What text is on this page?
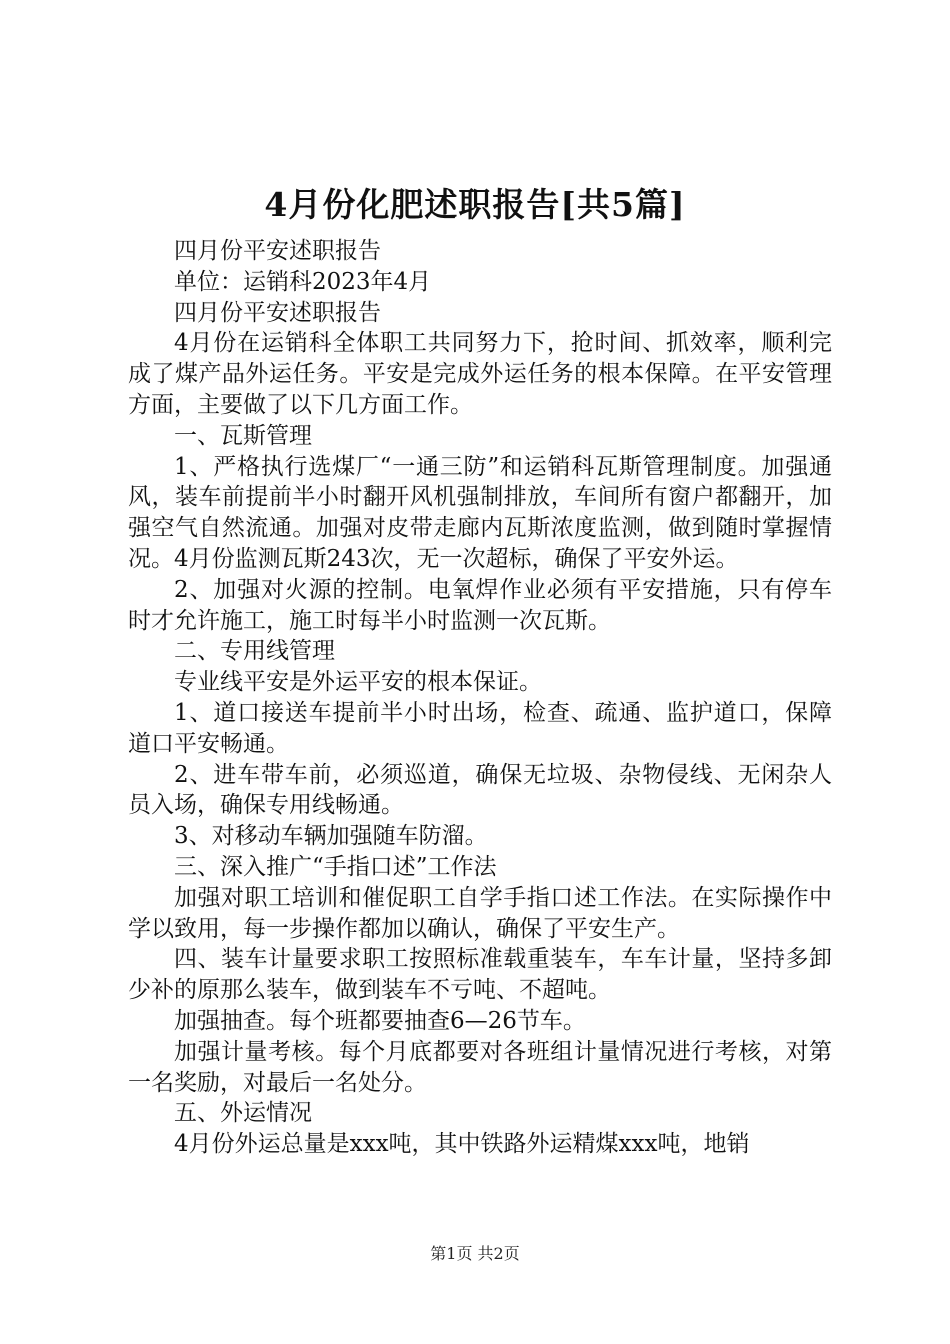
4月份化肥述职报告[共5篇]

四月份平安述职报告

单位：运销科2023年4月

四月份平安述职报告

4月份在运销科全体职工共同努力下，抢时间、抓效率，顺利完成了煤产品外运任务。平安是完成外运任务的根本保障。在平安管理方面，主要做了以下几方面工作。

一、瓦斯管理

1、严格执行选煤厂“一通三防”和运销科瓦斯管理制度。加强通风，装车前提前半小时翻开风机强制排放，车间所有窗户都翻开，加强空气自然流通。加强对皮带走廊内瓦斯浓度监测，做到随时掌握情况。4月份监测瓦斯243次，无一次超标，确保了平安外运。

2、加强对火源的控制。电氧焊作业必须有平安措施，只有停车时才允许施工，施工时每半小时监测一次瓦斯。

二、专用线管理

专业线平安是外运平安的根本保证。

1、道口接送车提前半小时出场，检查、疏通、监护道口，保障道口平安畅通。

2、进车带车前，必须巡道，确保无垃圾、杂物侵线、无闲杂人员入场，确保专用线畅通。

3、对移动车辆加强随车防溜。

三、深入推广“手指口述”工作法

加强对职工培训和催促职工自学手指口述工作法。在实际操作中学以致用，每一步操作都加以确认，确保了平安生产。

四、装车计量要求职工按照标准载重装车，车车计量，坚持多卸少补的原那么装车，做到装车不亏吨、不超吨。

加强抽查。每个班都要抽查6—26节车。

加强计量考核。每个月底都要对各班组计量情况进行考核，对第一名奖励，对最后一名处分。

五、外运情况

4月份外运总量是xxx吨，其中铁路外运精煤xxx吨，地销

第1页 共2页
